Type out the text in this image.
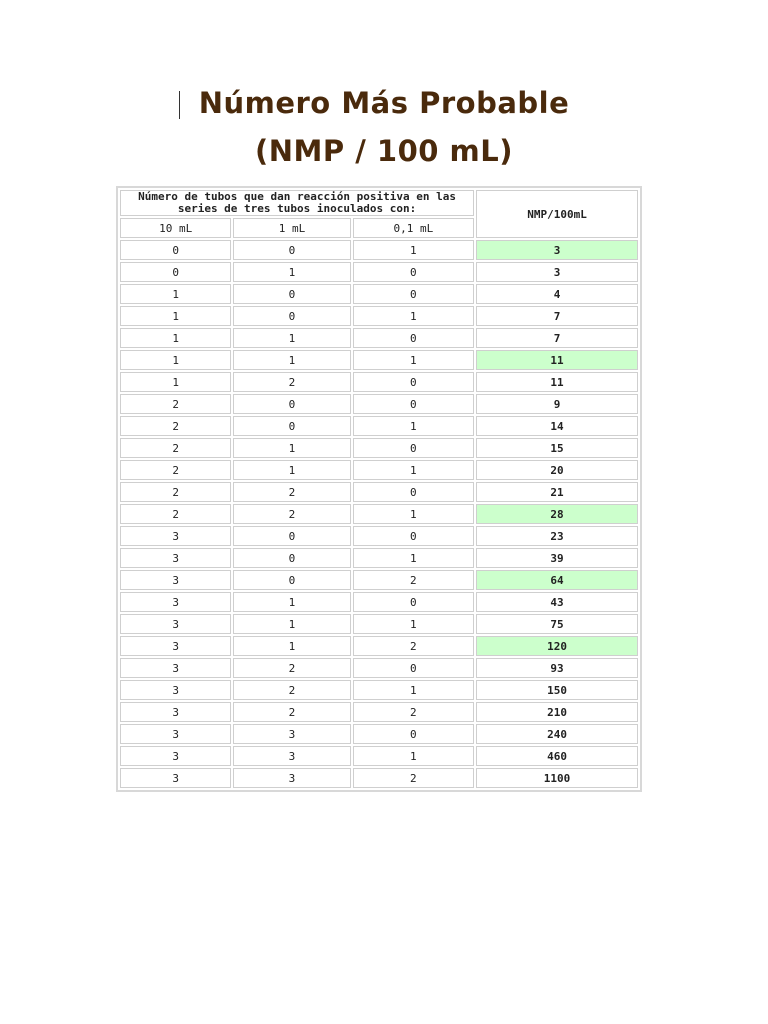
Número Más Probable
(NMP / 100 mL)
Número de tubos que dan reacción positiva en las series de tres tubos inoculados con:			NMP/100mL
10 mL	1 mL	0,1 mL	
0	0	1	3
0	1	0	3
1	0	0	4
1	0	1	7
1	1	0	7
1	1	1	11
1	2	0	11
2	0	0	9
2	0	1	14
2	1	0	15
2	1	1	20
2	2	0	21
2	2	1	28
3	0	0	23
3	0	1	39
3	0	2	64
3	1	0	43
3	1	1	75
3	1	2	120
3	2	0	93
3	2	1	150
3	2	2	210
3	3	0	240
3	3	1	460
3	3	2	1100
